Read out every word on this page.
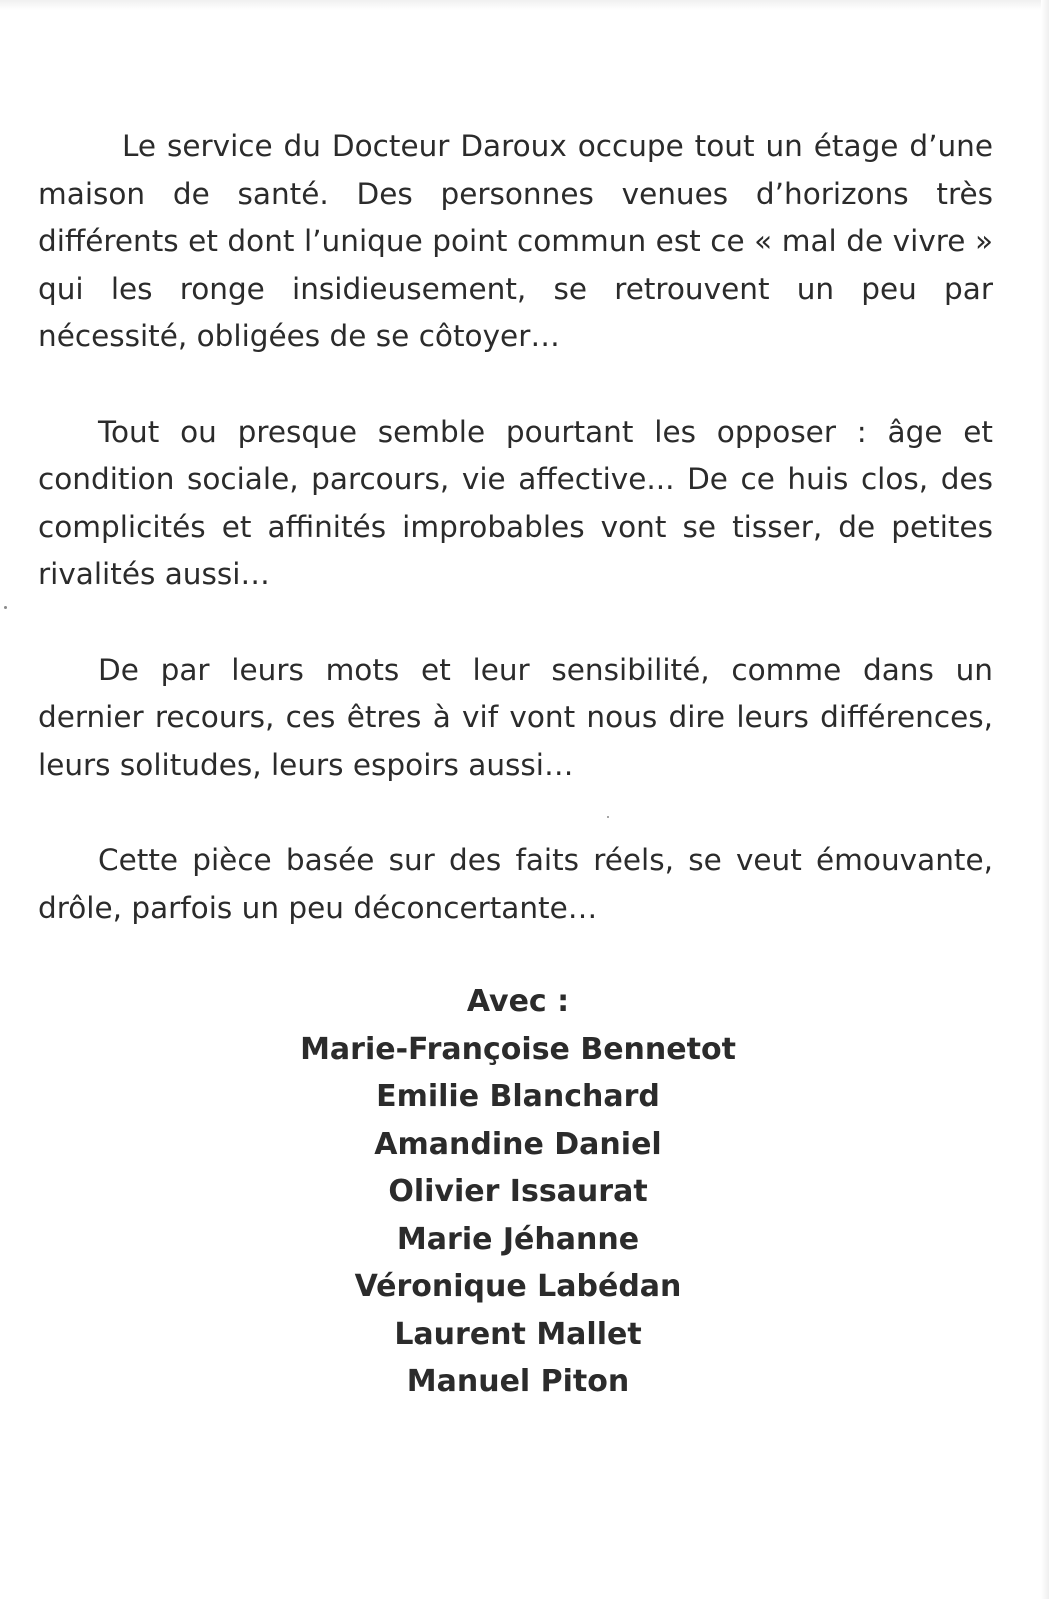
Le service du Docteur Daroux occupe tout un étage d’une maison de santé. Des personnes venues d’horizons très différents et dont l’unique point commun est ce « mal de vivre » qui les ronge insidieusement, se retrouvent un peu par nécessité, obligées de se côtoyer…

Tout ou presque semble pourtant les opposer : âge et condition sociale, parcours, vie affective... De ce huis clos, des complicités et affinités improbables vont se tisser, de petites rivalités aussi…

De par leurs mots et leur sensibilité, comme dans un dernier recours, ces êtres à vif vont nous dire leurs différences, leurs solitudes, leurs espoirs aussi…

Cette pièce basée sur des faits réels, se veut émouvante, drôle, parfois un peu déconcertante…

Avec :
Marie-Françoise Bennetot
Emilie Blanchard
Amandine Daniel
Olivier Issaurat
Marie Jéhanne
Véronique Labédan
Laurent Mallet
Manuel Piton
